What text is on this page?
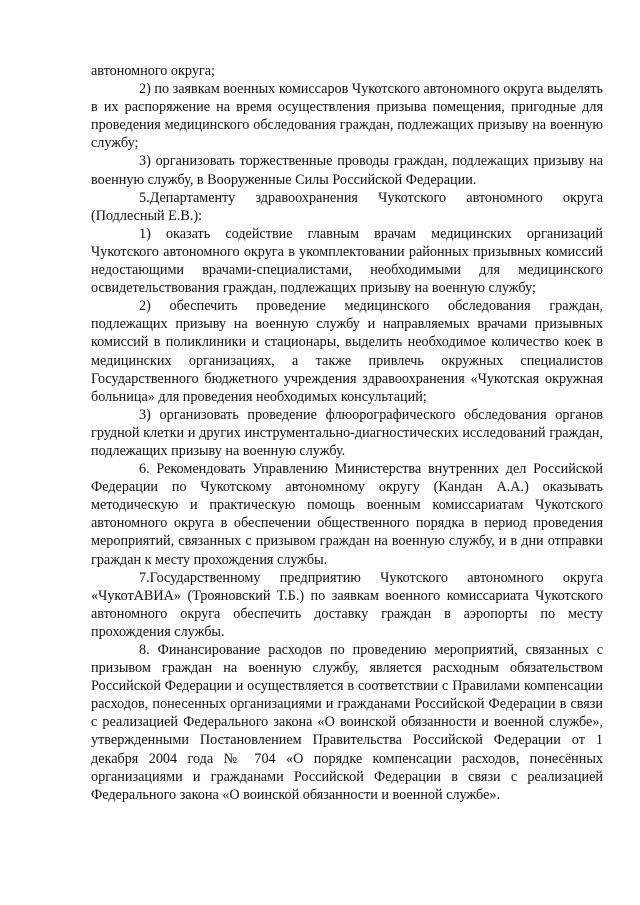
автономного округа;

2) по заявкам военных комиссаров Чукотского автономного округа выделять в их распоряжение на время осуществления призыва помещения, пригодные для проведения медицинского обследования граждан, подлежащих призыву на военную службу;

3) организовать торжественные проводы граждан, подлежащих призыву на военную службу, в Вооруженные Силы Российской Федерации.

5.Департаменту здравоохранения Чукотского автономного округа (Подлесный Е.В.):

1) оказать содействие главным врачам медицинских организаций Чукотского автономного округа в укомплектовании районных призывных комиссий недостающими врачами-специалистами, необходимыми для медицинского освидетельствования граждан, подлежащих призыву на военную службу;

2) обеспечить проведение медицинского обследования граждан, подлежащих призыву на военную службу и направляемых врачами призывных комиссий в поликлиники и стационары, выделить необходимое количество коек в медицинских организациях, а также привлечь окружных специалистов Государственного бюджетного учреждения здравоохранения «Чукотская окружная больница» для проведения необходимых консультаций;

3) организовать проведение флюорографического обследования органов грудной клетки и других инструментально-диагностических исследований граждан, подлежащих призыву на военную службу.

6. Рекомендовать Управлению Министерства внутренних дел Российской Федерации по Чукотскому автономному округу (Кандан А.А.) оказывать методическую и практическую помощь военным комиссариатам Чукотского автономного округа в обеспечении общественного порядка в период проведения мероприятий, связанных с призывом граждан на военную службу, и в дни отправки граждан к месту прохождения службы.

7.Государственному предприятию Чукотского автономного округа «ЧукотАВИА» (Трояновский Т.Б.) по заявкам военного комиссариата Чукотского автономного округа обеспечить доставку граждан в аэропорты по месту прохождения службы.

8. Финансирование расходов по проведению мероприятий, связанных с призывом граждан на военную службу, является расходным обязательством Российской Федерации и осуществляется в соответствии с Правилами компенсации расходов, понесенных организациями и гражданами Российской Федерации в связи с реализацией Федерального закона «О воинской обязанности и военной службе», утвержденными Постановлением Правительства Российской Федерации от 1 декабря 2004 года № 704 «О порядке компенсации расходов, понесённых организациями и гражданами Российской Федерации в связи с реализацией Федерального закона «О воинской обязанности и военной службе».
